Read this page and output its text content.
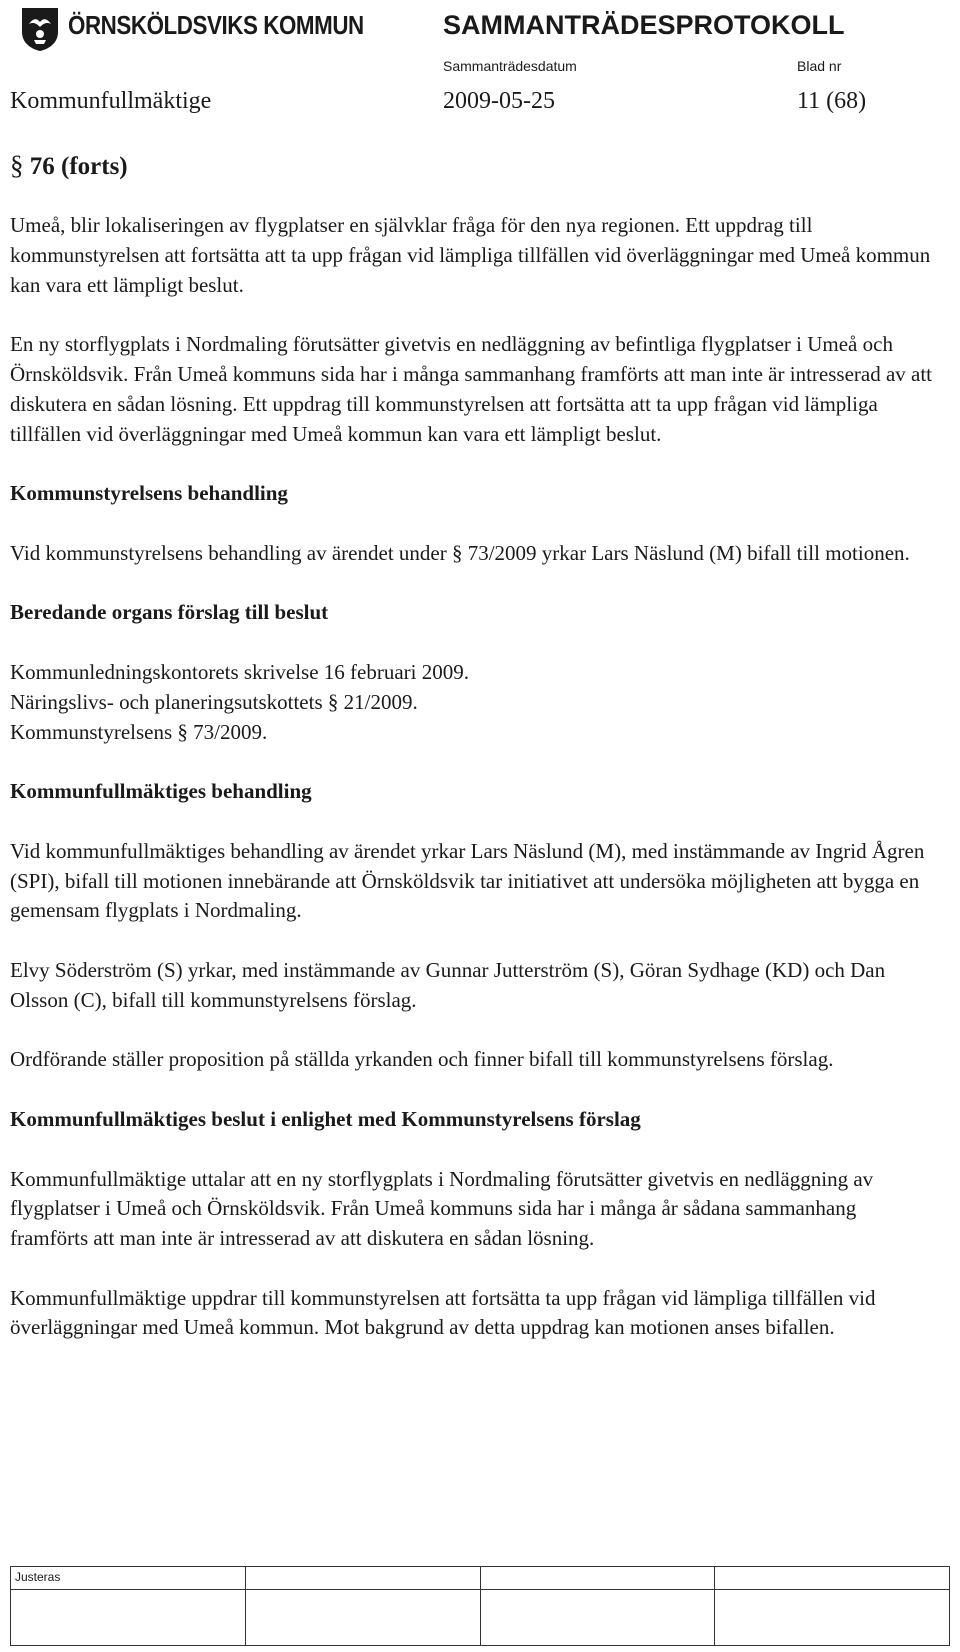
ÖRNSKÖLDSVIKS KOMMUN	SAMMANTRÄDESPROTOKOLL
Sammanträdesdatum	Blad nr
Kommunfullmäktige	2009-05-25	11 (68)
§ 76 (forts)

Umeå, blir lokaliseringen av flygplatser en självklar fråga för den nya regionen. Ett uppdrag till kommunstyrelsen att fortsätta att ta upp frågan vid lämpliga tillfällen vid överläggningar med Umeå kommun kan vara ett lämpligt beslut.

En ny storflygplats i Nordmaling förutsätter givetvis en nedläggning av befintliga flygplatser i Umeå och Örnsköldsvik. Från Umeå kommuns sida har i många sammanhang framförts att man inte är intresserad av att diskutera en sådan lösning. Ett uppdrag till kommunstyrelsen att fortsätta att ta upp frågan vid lämpliga tillfällen vid överläggningar med Umeå kommun kan vara ett lämpligt beslut.

Kommunstyrelsens behandling

Vid kommunstyrelsens behandling av ärendet under § 73/2009 yrkar Lars Näslund (M) bifall till motionen.

Beredande organs förslag till beslut

Kommunledningskontorets skrivelse 16 februari 2009.

Näringslivs- och planeringsutskottets § 21/2009.

Kommunstyrelsens § 73/2009.

Kommunfullmäktiges behandling

Vid kommunfullmäktiges behandling av ärendet yrkar Lars Näslund (M), med instämmande av Ingrid Ågren (SPI), bifall till motionen innebärande att Örnsköldsvik tar initiativet att undersöka möjligheten att bygga en gemensam flygplats i Nordmaling.

Elvy Söderström (S) yrkar, med instämmande av Gunnar Jutterström (S), Göran Sydhage (KD) och Dan Olsson (C), bifall till kommunstyrelsens förslag.

Ordförande ställer proposition på ställda yrkanden och finner bifall till kommunstyrelsens förslag.

Kommunfullmäktiges beslut i enlighet med Kommunstyrelsens förslag

Kommunfullmäktige uttalar att en ny storflygplats i Nordmaling förutsätter givetvis en nedläggning av flygplatser i Umeå och Örnsköldsvik. Från Umeå kommuns sida har i många år sådana sammanhang framförts att man inte är intresserad av att diskutera en sådan lösning.

Kommunfullmäktige uppdrar till kommunstyrelsen att fortsätta ta upp frågan vid lämpliga tillfällen vid överläggningar med Umeå kommun. Mot bakgrund av detta uppdrag kan motionen anses bifallen.

Justeras
